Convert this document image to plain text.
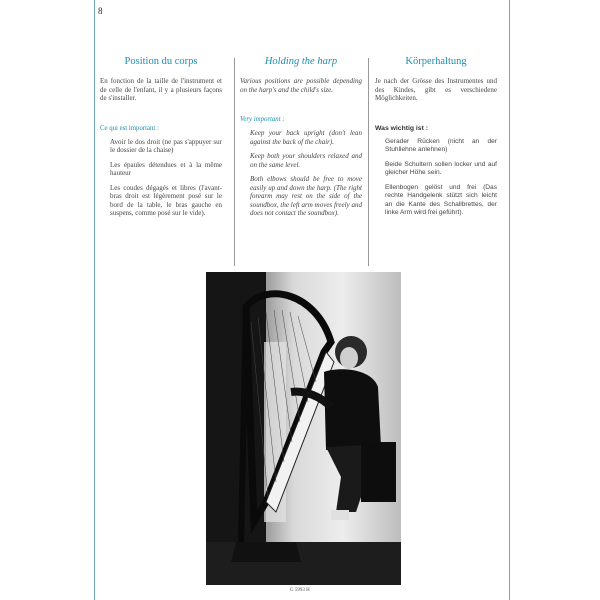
8
Position du corps

En fonction de la taille de l'instrument et de celle de l'enfant, il y a plusieurs façons de s'installer.

Ce qui est important :

Avoir le dos droit (ne pas s'appuyer sur le dossier de la chaise)

Les épaules détendues et à la même hauteur

Les coudes dégagés et libres (l'avant-bras droit est légèrement posé sur le bord de la table, le bras gauche en suspens, comme posé sur le vide).

Holding the harp

Various positions are possible depending on the harp's and the child's size.

Very important :

Keep your back upright (don't lean against the back of the chair).

Keep both your shoulders relaxed and on the same level.

Both elbows should be free to move easily up and down the harp. (The right forearm may rest on the side of the soundbox, the left arm moves freely and does not contact the soundbox).

Körperhaltung

Je nach der Grösse des Instrumentes und des Kindes, gibt es verschiedene Möglichkeiten.

Was wichtig ist :

Gerader Rücken (nicht an der Stuhllehne anlehnen)

Beide Schultern sollen locker und auf gleicher Höhe sein.

Ellenbogen gelöst und frei (Das rechte Handgelenk stützt sich leicht an die Kante des Schallbrettes, der linke Arm wird frei geführt).

G 5993 H
